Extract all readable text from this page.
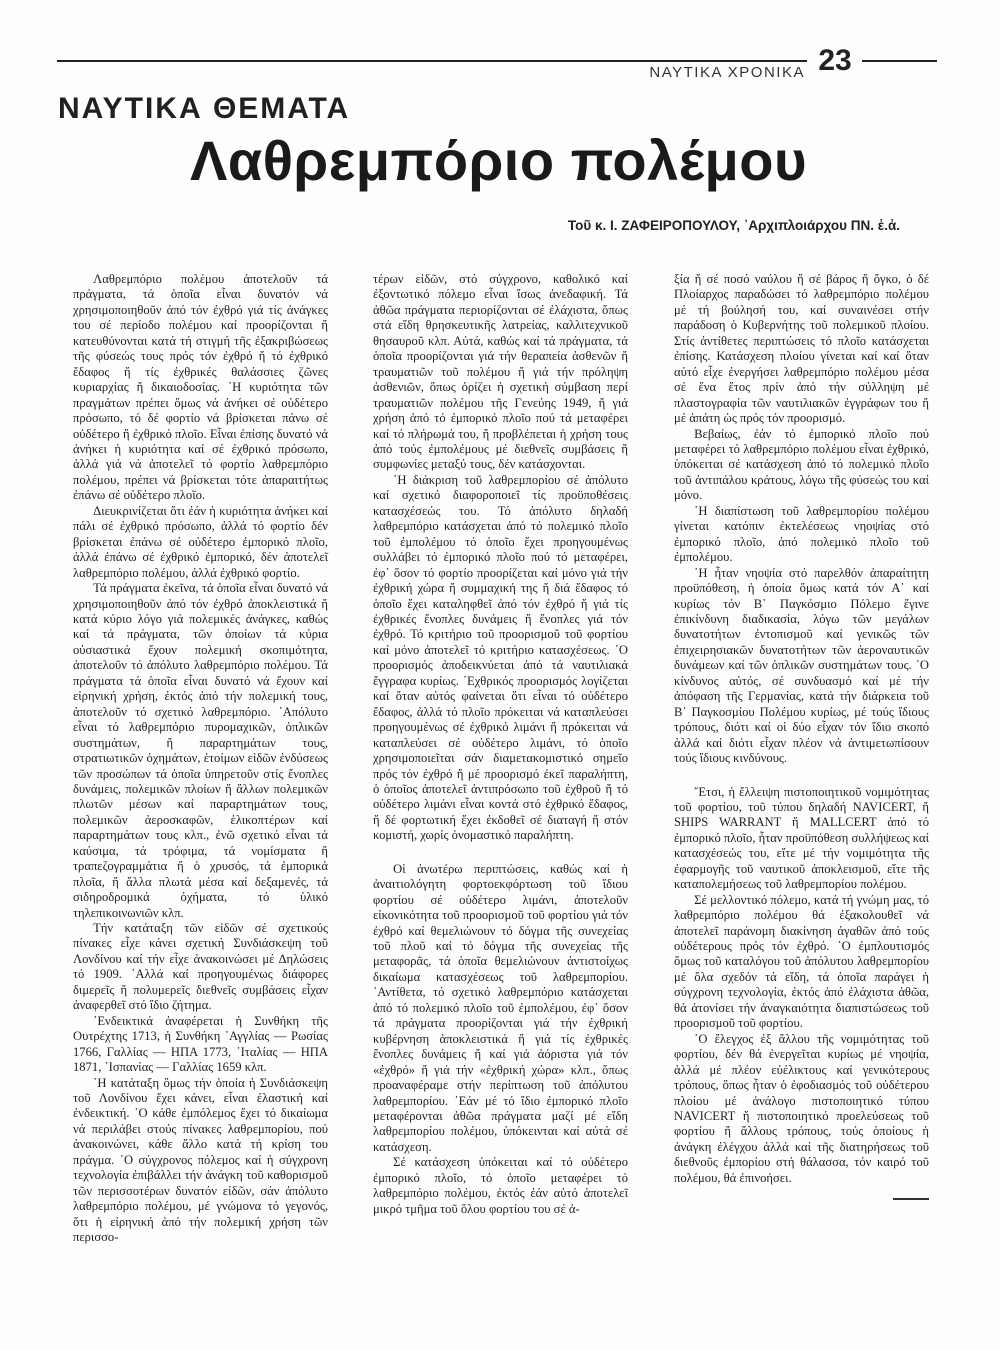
ΝΑΥΤΙΚΑ ΧΡΟΝΙΚΑ 23
ΝΑΥΤΙΚΑ ΘΕΜΑΤΑ
Λαθρεμπόριο πολέμου
Τοῦ κ. Ι. ΖΑΦΕΙΡΟΠΟΥΛΟΥ, ᾿Αρχιπλοιάρχου ΠΝ. ἐ.ἀ.

Λαθρεμπόριο πολέμου ἀποτελοῦν τά πράγματα, τά ὁποῖα εἶναι δυνατόν νά χρησιμοποιηθοῦν ἀπό τόν ἐχθρό γιά τίς ἀνάγκες του σέ περίοδο πολέμου καί προορίζονται ἤ κατευθύνονται κατά τή στιγμή τῆς ἐξακριβώσεως τῆς φύσεώς τους πρός τόν ἐχθρό ἤ τό ἐχθρικό ἔδαφος ἤ τίς ἐχθρικές θαλάσσιες ζῶνες κυριαρχίας ἤ δικαιοδοσίας. ῾Η κυριότητα τῶν πραγμάτων πρέπει ὅμως νά ἀνήκει σέ οὐδέτερο πρόσωπο, τό δέ φορτίο νά βρίσκεται πάνω σέ οὐδέτερο ἤ ἐχθρικό πλοῖο. Εἶναι ἐπίσης δυνατό νά ἀνήκει ἡ κυριότητα καί σέ ἐχθρικό πρόσωπο, ἀλλά γιά νά ἀποτελεῖ τό φορτίο λαθρεμπόριο πολέμου, πρέπει νά βρίσκεται τότε ἀπαραιτήτως ἐπάνω σέ οὐδέτερο πλοῖο.

Διευκρινίζεται ὅτι ἐάν ἡ κυριότητα ἀνήκει καί πάλι σέ ἐχθρικό πρόσωπο, ἀλλά τό φορτίο δέν βρίσκεται ἐπάνω σέ οὐδέτερο ἐμπορικό πλοῖο, ἀλλά ἐπάνω σέ ἐχθρικό ἐμπορικό, δέν ἀποτελεῖ λαθρεμπόριο πολέμου, ἀλλά ἐχθρικό φορτίο.

Τά πράγματα ἐκεῖνα, τά ὁποῖα εἶναι δυνατό νά χρησιμοποιηθοῦν ἀπό τόν ἐχθρό ἀποκλειστικά ἤ κατά κύριο λόγο γιά πολεμικές ἀνάγκες, καθώς καί τά πράγματα, τῶν ὁποίων τά κύρια οὐσιαστικά ἔχουν πολεμική σκοπιμότητα, ἀποτελοῦν τό ἀπόλυτο λαθρεμπόριο πολέμου. Τά πράγματα τά ὁποῖα εἶναι δυνατό νά ἔχουν καί εἰρηνική χρήση, ἐκτός ἀπό τήν πολεμική τους, ἀποτελοῦν τό σχετικό λαθρεμπόριο. ᾿Απόλυτο εἶναι τό λαθρεμπόριο πυρομαχικῶν, ὁπλικῶν συστημάτων, ἤ παραρτημάτων τους, στρατιωτικῶν ὀχημάτων, ἑτοίμων εἰδῶν ἐνδύσεως τῶν προσώπων τά ὁποῖα ὑπηρετοῦν στίς ἔνοπλες δυνάμεις, πολεμικῶν πλοίων ἤ ἄλλων πολεμικῶν πλωτῶν μέσων καί παραρτημάτων τους, πολεμικῶν ἀεροσκαφῶν, ἑλικοπτέρων καί παραρτημάτων τους κλπ., ἐνῶ σχετικό εἶναι τά καύσιμα, τά τρόφιμα, τά νομίσματα ἤ τραπεζογραμμάτια ἤ ὁ χρυσός, τά ἐμπορικά πλοῖα, ἤ ἄλλα πλωτά μέσα καί δεξαμενές, τά σιδηροδρομικά ὀχήματα, τό ὑλικό τηλεπικοινωνιῶν κλπ.

Τήν κατάταξη τῶν εἰδῶν σέ σχετικούς πίνακες εἶχε κάνει σχετική Συνδιάσκεψη τοῦ Λονδίνου καί τήν εἶχε ἀνακοινώσει μέ Δηλώσεις τό 1909. ᾿Αλλά καί προηγουμένως διάφορες διμερεῖς ἤ πολυμερεῖς διεθνεῖς συμβάσεις εἶχαν ἀναφερθεῖ στό ἴδιο ζήτημα.

᾿Ενδεικτικά ἀναφέρεται ἡ Συνθήκη τῆς Ουτρέχτης 1713, ἡ Συνθήκη ᾿Αγγλίας — Ρωσίας 1766, Γαλλίας — ΗΠΑ 1773, ᾿Ιταλίας — ΗΠΑ 1871, ᾿Ισπανίας — Γαλλίας 1659 κλπ.

῾Η κατάταξη ὅμως τήν ὁποία ἡ Συνδιάσκεψη τοῦ Λονδίνου ἔχει κάνει, εἶναι ἐλαστική καί ἐνδεικτική. ᾿Ο κάθε ἐμπόλεμος ἔχει τό δικαίωμα νά περιλάβει στούς πίνακες λαθρεμπορίου, πού ἀνακοινώνει, κάθε ἄλλο κατά τή κρίση του πράγμα. ᾿Ο σύγχρονος πόλεμος καί ἡ σύγχρονη τεχνολογία ἐπιβάλλει τήν ἀνάγκη τοῦ καθορισμοῦ τῶν περισσοτέρων δυνατόν εἰδῶν, σάν ἀπόλυτο λαθρεμπόριο πολέμου, μέ γνώμονα τό γεγονός, ὅτι ἡ εἰρηνική ἀπό τήν πολεμική χρήση τῶν περισσο-

τέρων εἰδῶν, στό σύγχρονο, καθολικό καί ἐξοντωτικό πόλεμο εἶναι ἴσως ἀνεδαφική. Τά ἀθῶα πράγματα περιορίζονται σέ ἐλάχιστα, ὅπως στά εἴδη θρησκευτικῆς λατρείας, καλλιτεχνικοῦ θησαυροῦ κλπ. Αὐτά, καθώς καί τά πράγματα, τά ὁποῖα προορίζονται γιά τήν θεραπεία ἀσθενῶν ἤ τραυματιῶν τοῦ πολέμου ἤ γιά τήν πρόληψη ἀσθενιῶν, ὅπως ὁρίζει ἡ σχετική σύμβαση περί τραυματιῶν πολέμου τῆς Γενεύης 1949, ἤ γιά χρήση ἀπό τό ἐμπορικό πλοῖο πού τά μεταφέρει καί τό πλήρωμά του, ἤ προβλέπεται ἡ χρήση τους ἀπό τούς ἐμπολέμους μέ διεθνεῖς συμβάσεις ἤ συμφωνίες μεταξύ τους, δέν κατάσχονται.

῾Η διάκριση τοῦ λαθρεμπορίου σέ ἀπόλυτο καί σχετικό διαφοροποιεῖ τίς προϋποθέσεις κατασχέσεώς του. Τό ἀπόλυτο δηλαδή λαθρεμπόριο κατάσχεται ἀπό τό πολεμικό πλοῖο τοῦ ἐμπολέμου τό ὁποῖο ἔχει προηγουμένως συλλάβει τό ἐμπορικό πλοῖο πού τό μεταφέρει, ἐφ᾿ ὅσον τό φορτίο προορίζεται καί μόνο γιά τήν ἐχθρική χώρα ἤ συμμαχική της ἤ διά ἔδαφος τό ὁποῖο ἔχει καταληφθεῖ ἀπό τόν ἐχθρό ἤ γιά τίς ἐχθρικές ἔνοπλες δυνάμεις ἤ ἔνοπλες γιά τόν ἐχθρό. Τό κριτήριο τοῦ προορισμοῦ τοῦ φορτίου καί μόνο ἀποτελεῖ τό κριτήριο κατασχέσεως. ᾿Ο προορισμός ἀποδεικνύεται ἀπό τά ναυτιλιακά ἔγγραφα κυρίως. ᾿Εχθρικός προορισμός λογίζεται καί ὅταν αὐτός φαίνεται ὅτι εἶναι τό οὐδέτερο ἔδαφος, ἀλλά τό πλοῖο πρόκειται νά καταπλεύσει προηγουμένως σέ ἐχθρικό λιμάνι ἤ πρόκειται νά καταπλεύσει σέ οὐδέτερο λιμάνι, τό ὁποῖο χρησιμοποιεῖται σάν διαμετακομιστικό σημεῖο πρός τόν ἐχθρό ἤ μέ προορισμό ἐκεῖ παραλήπτη, ὁ ὁποῖος ἀποτελεῖ ἀντιπρόσωπο τοῦ ἐχθροῦ ἤ τό οὐδέτερο λιμάνι εἶναι κοντά στό ἐχθρικό ἔδαφος, ἤ δέ φορτωτική ἔχει ἐκδοθεῖ σέ διαταγή ἤ στόν κομιστή, χωρίς ὀνομαστικό παραλήπτη.

Οἱ ἀνωτέρω περιπτώσεις, καθώς καί ἡ ἀναιτιολόγητη φορτοεκφόρτωση τοῦ ἴδιου φορτίου σέ οὐδέτερο λιμάνι, ἀποτελοῦν εἰκονικότητα τοῦ προορισμοῦ τοῦ φορτίου γιά τόν ἐχθρό καί θεμελιώνουν τό δόγμα τῆς συνεχείας τοῦ πλοῦ καί τό δόγμα τῆς συνεχείας τῆς μεταφορᾶς, τά ὁποῖα θεμελιώνουν ἀντιστοίχως δικαίωμα κατασχέσεως τοῦ λαθρεμπορίου. ᾿Αντίθετα, τό σχετικό λαθρεμπόριο κατάσχεται ἀπό τό πολεμικό πλοῖο τοῦ ἐμπολέμου, ἐφ᾿ ὅσον τά πράγματα προορίζονται γιά τήν ἐχθρική κυβέρνηση ἀποκλειστικά ἤ γιά τίς ἐχθρικές ἔνοπλες δυνάμεις ἤ καί γιά ἀόριστα γιά τόν «ἐχθρό» ἤ γιά τήν «ἐχθρική χώρα» κλπ., ὅπως προαναφέραμε στήν περίπτωση τοῦ ἀπόλυτου λαθρεμπορίου. ᾿Εάν μέ τό ἴδιο ἐμπορικό πλοῖο μεταφέρονται ἀθῶα πράγματα μαζί μέ εἴδη λαθρεμπορίου πολέμου, ὑπόκεινται καί αὐτά σέ κατάσχεση.

Σέ κατάσχεση ὑπόκειται καί τό οὐδέτερο ἐμπορικό πλοῖο, τό ὁποῖο μεταφέρει τό λαθρεμπόριο πολέμου, ἐκτός ἐάν αὐτό ἀποτελεῖ μικρό τμῆμα τοῦ ὅλου φορτίου του σέ ἀ-

ξία ἤ σέ ποσό ναύλου ἤ σέ βάρος ἤ ὄγκο, ὁ δέ Πλοίαρχος παραδώσει τό λαθρεμπόριο πολέμου μέ τή βούλησή του, καί συναινέσει στήν παράδοση ὁ Κυβερνήτης τοῦ πολεμικοῦ πλοίου. Στίς ἀντίθετες περιπτώσεις τό πλοῖο κατάσχεται ἐπίσης. Κατάσχεση πλοίου γίνεται καί καί ὅταν αὐτό εἶχε ἐνεργήσει λαθρεμπόριο πολέμου μέσα σέ ἕνα ἔτος πρίν ἀπό τήν σύλληψη μέ πλαστογραφία τῶν ναυτιλιακῶν ἐγγράφων του ἤ μέ ἀπάτη ὡς πρός τόν προορισμό.

Βεβαίως, ἐάν τό ἐμπορικό πλοῖο πού μεταφέρει τό λαθρεμπόριο πολέμου εἶναι ἐχθρικό, ὑπόκειται σέ κατάσχεση ἀπό τό πολεμικό πλοῖο τοῦ ἀντιπάλου κράτους, λόγω τῆς φύσεώς του καί μόνο.

῾Η διαπίστωση τοῦ λαθρεμπορίου πολέμου γίνεται κατόπιν ἐκτελέσεως νηοψίας στό ἐμπορικό πλοῖο, ἀπό πολεμικό πλοῖο τοῦ ἐμπολέμου.

῾Η ἦταν νηοψία στό παρελθόν ἀπαραίτητη προϋπόθεση, ἡ ὁποία ὅμως κατά τόν Α᾿ καί κυρίως τόν Β᾿ Παγκόσμιο Πόλεμο ἔγινε ἐπικίνδυνη διαδικασία, λόγω τῶν μεγάλων δυνατοτήτων ἐντοπισμοῦ καί γενικῶς τῶν ἐπιχειρησιακῶν δυνατοτήτων τῶν ἀεροναυτικῶν δυνάμεων καί τῶν ὁπλικῶν συστημάτων τους. ᾿Ο κίνδυνος αὐτός, σέ συνδυασμό καί μέ τήν ἀπόφαση τῆς Γερμανίας, κατά τήν διάρκεια τοῦ Β᾿ Παγκοσμίου Πολέμου κυρίως, μέ τούς ἴδιους τρόπους, διότι καί οἱ δύο εἶχαν τόν ἴδιο σκοπό ἀλλά καί διότι εἶχαν πλέον νά ἀντιμετωπίσουν τούς ἴδιους κινδύνους.

῎Ετσι, ἡ ἔλλειψη πιστοποιητικοῦ νομιμότητας τοῦ φορτίου, τοῦ τύπου δηλαδή NAVICERT, ἤ SHIPS WARRANT ἤ MALLCERT ἀπό τό ἐμπορικό πλοῖο, ἦταν προϋπόθεση συλλήψεως καί κατασχέσεώς του, εἴτε μέ τήν νομιμότητα τῆς ἐφαρμογῆς τοῦ ναυτικοῦ ἀποκλεισμοῦ, εἴτε τῆς καταπολεμήσεως τοῦ λαθρεμπορίου πολέμου.

Σέ μελλοντικό πόλεμο, κατά τή γνώμη μας, τό λαθρεμπόριο πολέμου θά ἐξακολουθεῖ νά ἀποτελεῖ παράνομη διακίνηση ἀγαθῶν ἀπό τούς οὐδέτερους πρός τόν ἐχθρό. ᾿Ο ἐμπλουτισμός ὅμως τοῦ καταλόγου τοῦ ἀπόλυτου λαθρεμπορίου μέ ὅλα σχεδόν τά εἴδη, τά ὁποῖα παράγει ἡ σύγχρονη τεχνολογία, ἐκτός ἀπό ἐλάχιστα ἀθῶα, θά ἀτονίσει τήν ἀναγκαιότητα διαπιστώσεως τοῦ προορισμοῦ τοῦ φορτίου.

᾿Ο ἔλεγχος ἐξ ἄλλου τῆς νομιμότητας τοῦ φορτίου, δέν θά ἐνεργεῖται κυρίως μέ νηοψία, ἀλλά μέ πλέον εὐέλικτους καί γενικότερους τρόπους, ὅπως ἦταν ὁ ἐφοδιασμός τοῦ οὐδέτερου πλοίου μέ ἀνάλογο πιστοποιητικό τύπου NAVICERT ἤ πιστοποιητικό προελεύσεως τοῦ φορτίου ἤ ἄλλους τρόπους, τούς ὁποίους ἡ ἀνάγκη ἐλέγχου ἀλλά καί τῆς διατηρήσεως τοῦ διεθνοῦς ἐμπορίου στή θάλασσα, τόν καιρό τοῦ πολέμου, θά ἐπινοήσει.
